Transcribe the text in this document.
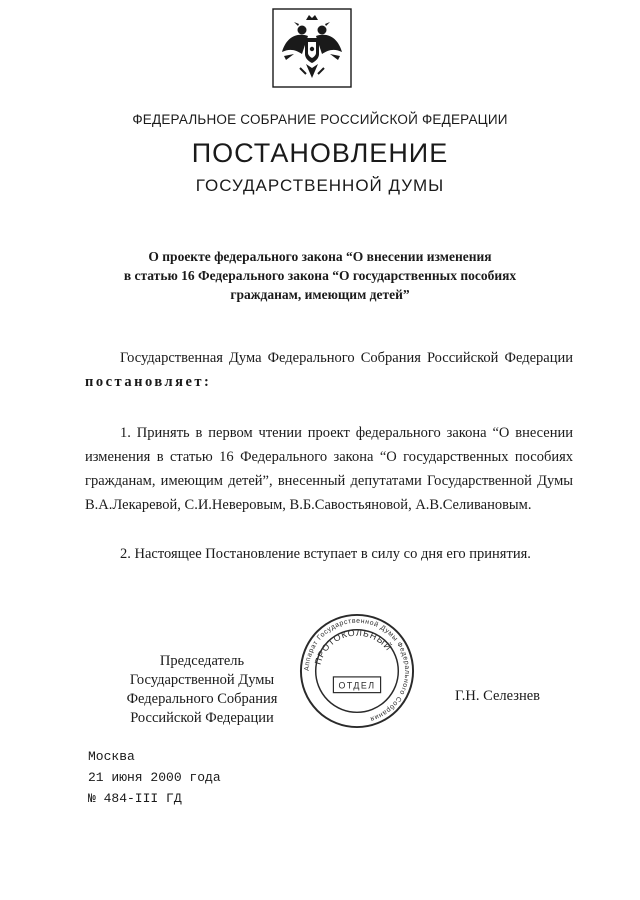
ФЕДЕРАЛЬНОЕ СОБРАНИЕ РОССИЙСКОЙ ФЕДЕРАЦИИ
ПОСТАНОВЛЕНИЕ
ГОСУДАРСТВЕННОЙ ДУМЫ
О проекте федерального закона “О внесении изменения
в статью 16 Федерального закона “О государственных пособиях
гражданам, имеющим детей”

Государственная Дума Федерального Собрания Российской Федерации постановляет:

1. Принять в первом чтении проект федерального закона “О внесении изменения в статью 16 Федерального закона “О государственных пособиях гражданам, имеющим детей”, внесенный депутатами Государственной Думы В.А.Лекаревой, С.И.Неверовым, В.Б.Савостьяновой, А.В.Селивановым.

2. Настоящее Постановление вступает в силу со дня его принятия.

Председатель Государственной Думы
Федерального Собрания
Российской Федерации
Аппарат Государственной Думы Федерального Собрания
ПРОТОКОЛЬНЫЙ
ОТДЕЛ
Г.Н. Селезнев
Москва
21 июня 2000 года
№ 484-III ГД
